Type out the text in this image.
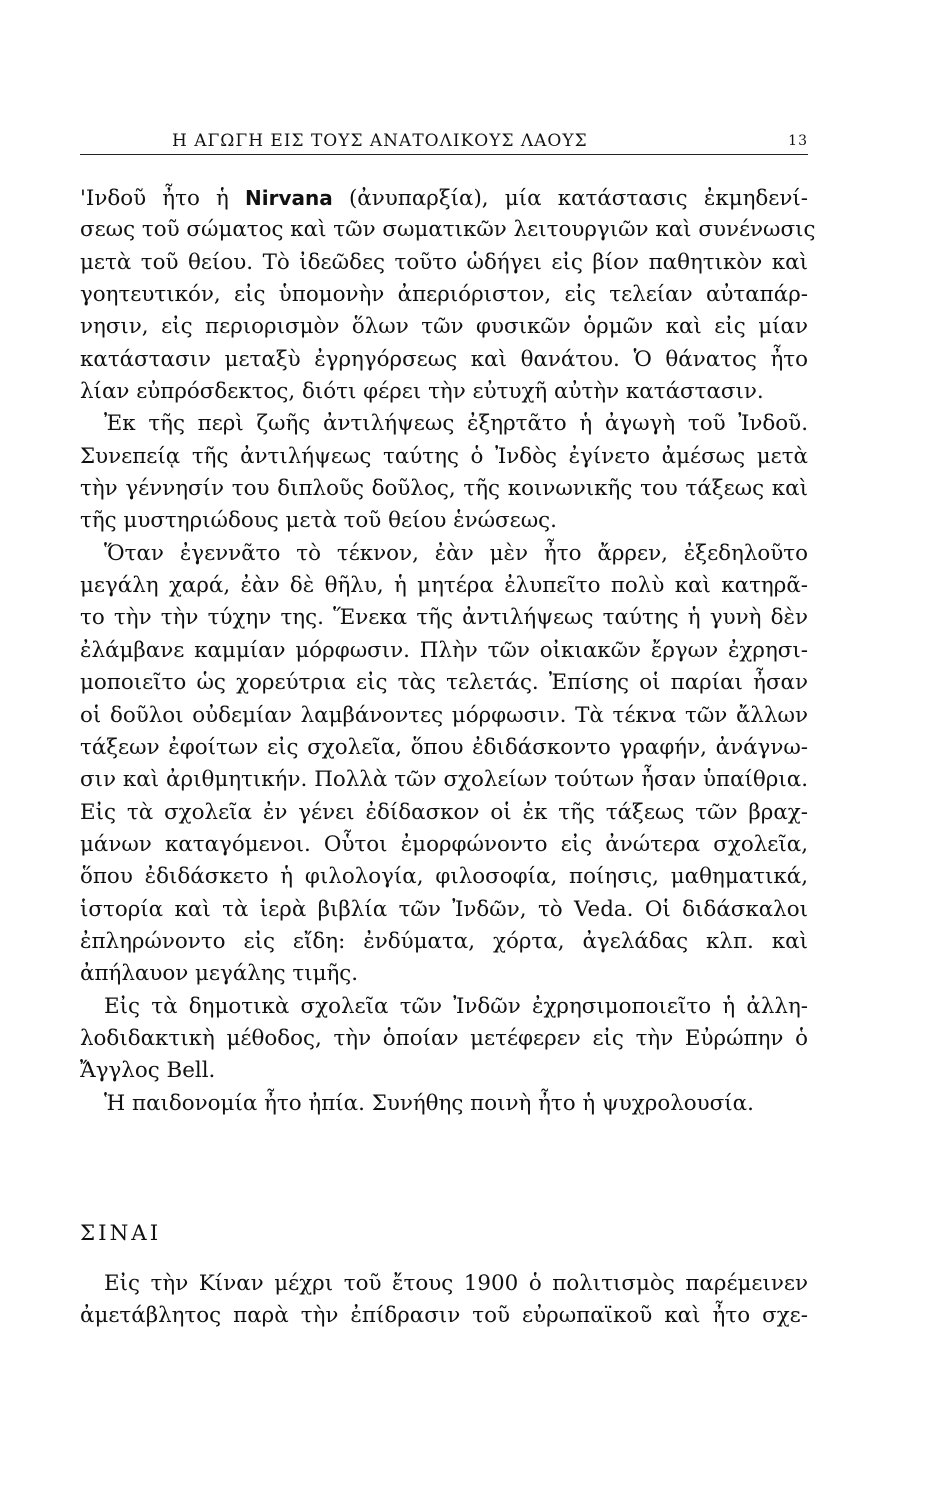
Η ΑΓΩΓΗ ΕΙΣ ΤΟΥΣ ΑΝΑΤΟΛΙΚΟΥΣ ΛΑΟΥΣ	13
'Ινδοῦ ἦτο ἡ Nirvana (ἀνυπαρξία), μία κατάστασις ἐκμηδενί-
σεως τοῦ σώματος καὶ τῶν σωματικῶν λειτουργιῶν καὶ συνένωσις
μετὰ τοῦ θείου. Τὸ ἰδεῶδες τοῦτο ὡδήγει εἰς βίον παθητικὸν καὶ
γοητευτικόν, εἰς ὑπομονὴν ἀπεριόριστον, εἰς τελείαν αὐταπάρ-
νησιν, εἰς περιορισμὸν ὅλων τῶν φυσικῶν ὁρμῶν καὶ εἰς μίαν
κατάστασιν μεταξὺ ἐγρηγόρσεως καὶ θανάτου. Ὁ θάνατος ἦτο
λίαν εὐπρόσδεκτος, διότι φέρει τὴν εὐτυχῆ αὐτὴν κατάστασιν.
Ἐκ τῆς περὶ ζωῆς ἀντιλήψεως ἐξηρτᾶτο ἡ ἀγωγὴ τοῦ Ἰνδοῦ.
Συνεπείᾳ τῆς ἀντιλήψεως ταύτης ὁ Ἰνδὸς ἐγίνετο ἀμέσως μετὰ
τὴν γέννησίν του διπλοῦς δοῦλος, τῆς κοινωνικῆς του τάξεως καὶ
τῆς μυστηριώδους μετὰ τοῦ θείου ἑνώσεως.
Ὅταν ἐγεννᾶτο τὸ τέκνον, ἐὰν μὲν ἦτο ἄρρεν, ἐξεδηλοῦτο
μεγάλη χαρά, ἐὰν δὲ θῆλυ, ἡ μητέρα ἐλυπεῖτο πολὺ καὶ κατηρᾶ-
το τὴν τὴν τύχην της. Ἕνεκα τῆς ἀντιλήψεως ταύτης ἡ γυνὴ δὲν
ἐλάμβανε καμμίαν μόρφωσιν. Πλὴν τῶν οἰκιακῶν ἔργων ἐχρησι-
μοποιεῖτο ὡς χορεύτρια εἰς τὰς τελετάς. Ἐπίσης οἱ παρίαι ἦσαν
οἱ δοῦλοι οὐδεμίαν λαμβάνοντες μόρφωσιν. Τὰ τέκνα τῶν ἄλλων
τάξεων ἐφοίτων εἰς σχολεῖα, ὅπου ἐδιδάσκοντο γραφήν, ἀνάγνω-
σιν καὶ ἀριθμητικήν. Πολλὰ τῶν σχολείων τούτων ἦσαν ὑπαίθρια.
Εἰς τὰ σχολεῖα ἐν γένει ἐδίδασκον οἱ ἐκ τῆς τάξεως τῶν βραχ-
μάνων καταγόμενοι. Οὗτοι ἐμορφώνοντο εἰς ἀνώτερα σχολεῖα,
ὅπου ἐδιδάσκετο ἡ φιλολογία, φιλοσοφία, ποίησις, μαθηματικά,
ἱστορία καὶ τὰ ἱερὰ βιβλία τῶν Ἰνδῶν, τὸ Veda. Οἱ διδάσκαλοι
ἐπληρώνοντο εἰς εἴδη: ἐνδύματα, χόρτα, ἀγελάδας κλπ. καὶ
ἀπήλαυον μεγάλης τιμῆς.
Εἰς τὰ δημοτικὰ σχολεῖα τῶν Ἰνδῶν ἐχρησιμοποιεῖτο ἡ ἀλλη-
λοδιδακτικὴ μέθοδος, τὴν ὁποίαν μετέφερεν εἰς τὴν Εὐρώπην ὁ
Ἄγγλος Bell.
Ἡ παιδονομία ἦτο ἠπία. Συνήθης ποινὴ ἦτο ἡ ψυχρολουσία.
ΣΙΝΑΙ
Εἰς τὴν Κίναν μέχρι τοῦ ἔτους 1900 ὁ πολιτισμὸς παρέμεινεν
ἀμετάβλητος παρὰ τὴν ἐπίδρασιν τοῦ εὐρωπαϊκοῦ καὶ ἦτο σχε-
